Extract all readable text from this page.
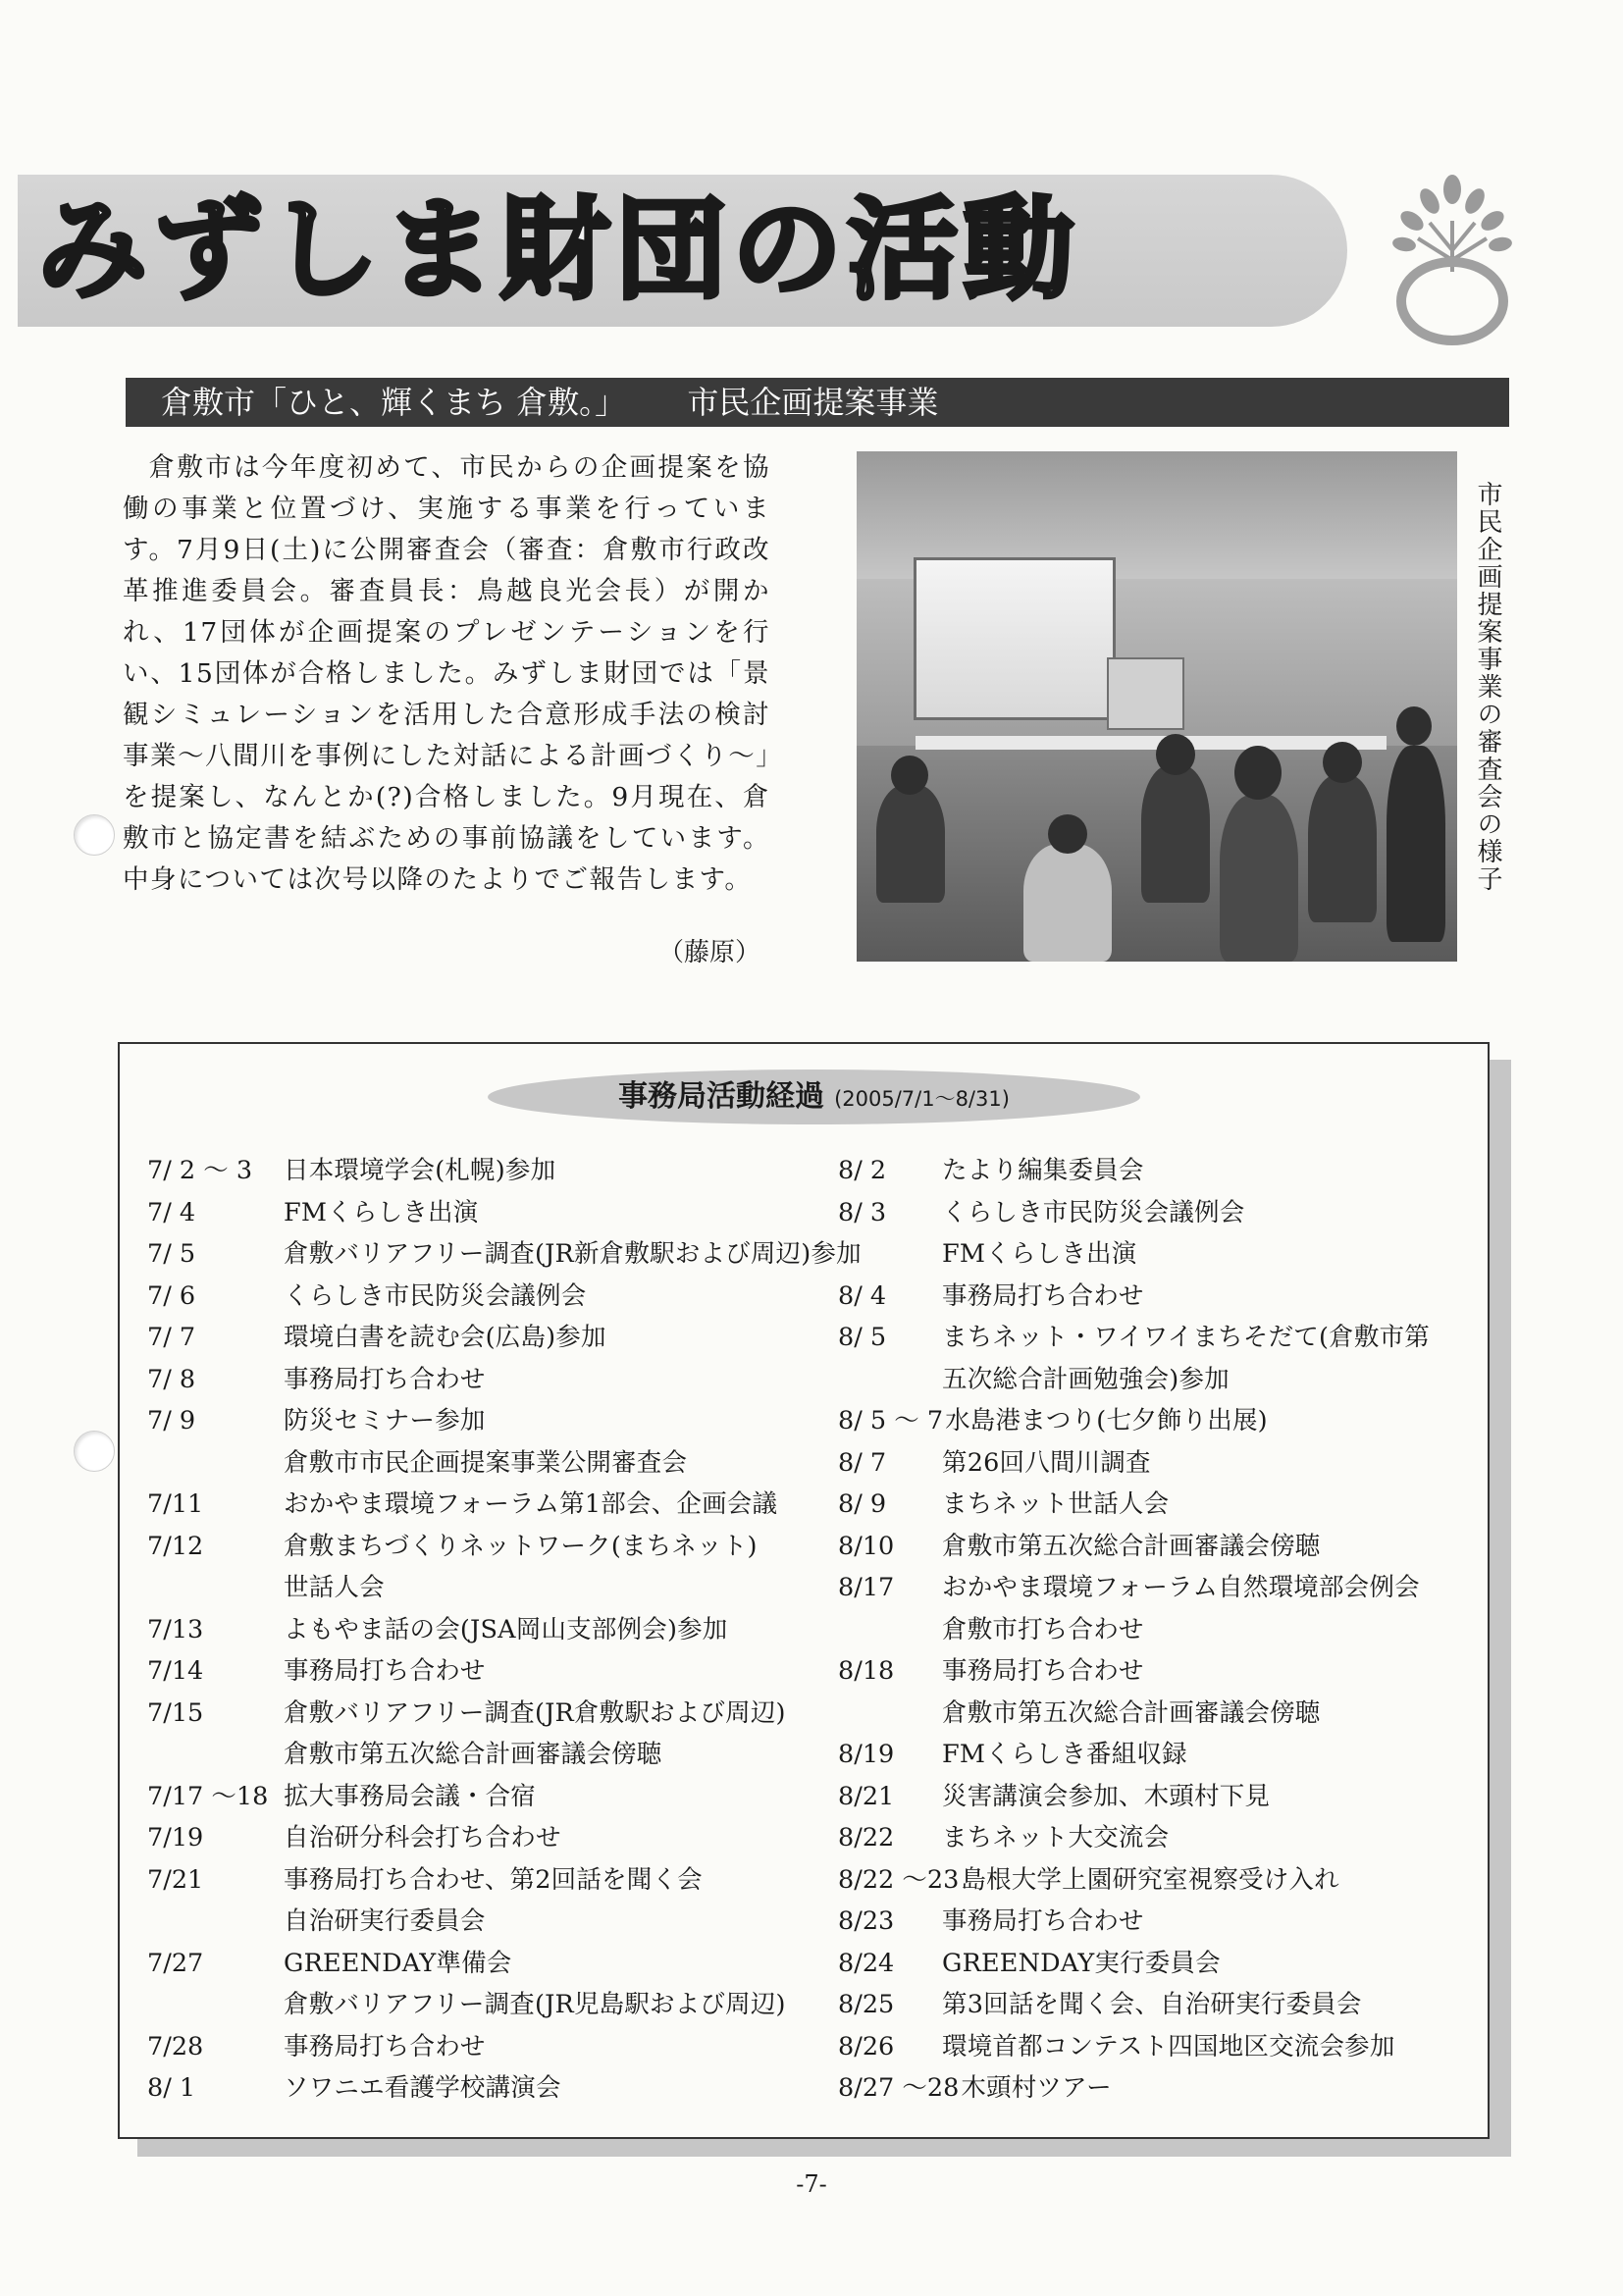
みずしま財団の活動
倉敷市「ひと、輝くまち 倉敷。」 市民企画提案事業

倉敷市は今年度初めて、市民からの企画提案を協働の事業と位置づけ、実施する事業を行っています。7月9日(土)に公開審査会（審査：倉敷市行政改革推進委員会。審査員長：鳥越良光会長）が開かれ、17団体が企画提案のプレゼンテーションを行い、15団体が合格しました。みずしま財団では「景観シミュレーションを活用した合意形成手法の検討事業〜八間川を事例にした対話による計画づくり〜」を提案し、なんとか(?)合格しました。9月現在、倉敷市と協定書を結ぶための事前協議をしています。中身については次号以降のたよりでご報告します。

（藤原）
市民企画提案事業の審査会の様子
事務局活動経過 (2005/7/1〜8/31)
7/ 2 〜 3	日本環境学会(札幌)参加
7/ 4	FMくらしき出演
7/ 5	倉敷バリアフリー調査(JR新倉敷駅および周辺)参加
7/ 6	くらしき市民防災会議例会
7/ 7	環境白書を読む会(広島)参加
7/ 8	事務局打ち合わせ
7/ 9	防災セミナー参加
倉敷市市民企画提案事業公開審査会
7/11	おかやま環境フォーラム第1部会、企画会議
7/12	倉敷まちづくりネットワーク(まちネット)
世話人会
7/13	よもやま話の会(JSA岡山支部例会)参加
7/14	事務局打ち合わせ
7/15	倉敷バリアフリー調査(JR倉敷駅および周辺)
倉敷市第五次総合計画審議会傍聴
7/17 〜18 拡大事務局会議・合宿
7/19	自治研分科会打ち合わせ
7/21	事務局打ち合わせ、第2回話を聞く会
自治研実行委員会
7/27	GREENDAY準備会
倉敷バリアフリー調査(JR児島駅および周辺)
7/28	事務局打ち合わせ
8/ 1	ソワニエ看護学校講演会
8/ 2	たより編集委員会
8/ 3	くらしき市民防災会議例会
FMくらしき出演
8/ 4	事務局打ち合わせ
8/ 5	まちネット・ワイワイまちそだて(倉敷市第
五次総合計画勉強会)参加
8/ 5 〜 7 水島港まつり(七夕飾り出展)
8/ 7	第26回八間川調査
8/ 9	まちネット世話人会
8/10	倉敷市第五次総合計画審議会傍聴
8/17	おかやま環境フォーラム自然環境部会例会
倉敷市打ち合わせ
8/18	事務局打ち合わせ
倉敷市第五次総合計画審議会傍聴
8/19	FMくらしき番組収録
8/21	災害講演会参加、木頭村下見
8/22	まちネット大交流会
8/22 〜23 島根大学上園研究室視察受け入れ
8/23	事務局打ち合わせ
8/24	GREENDAY実行委員会
8/25	第3回話を聞く会、自治研実行委員会
8/26	環境首都コンテスト四国地区交流会参加
8/27 〜28 木頭村ツアー
-7-
